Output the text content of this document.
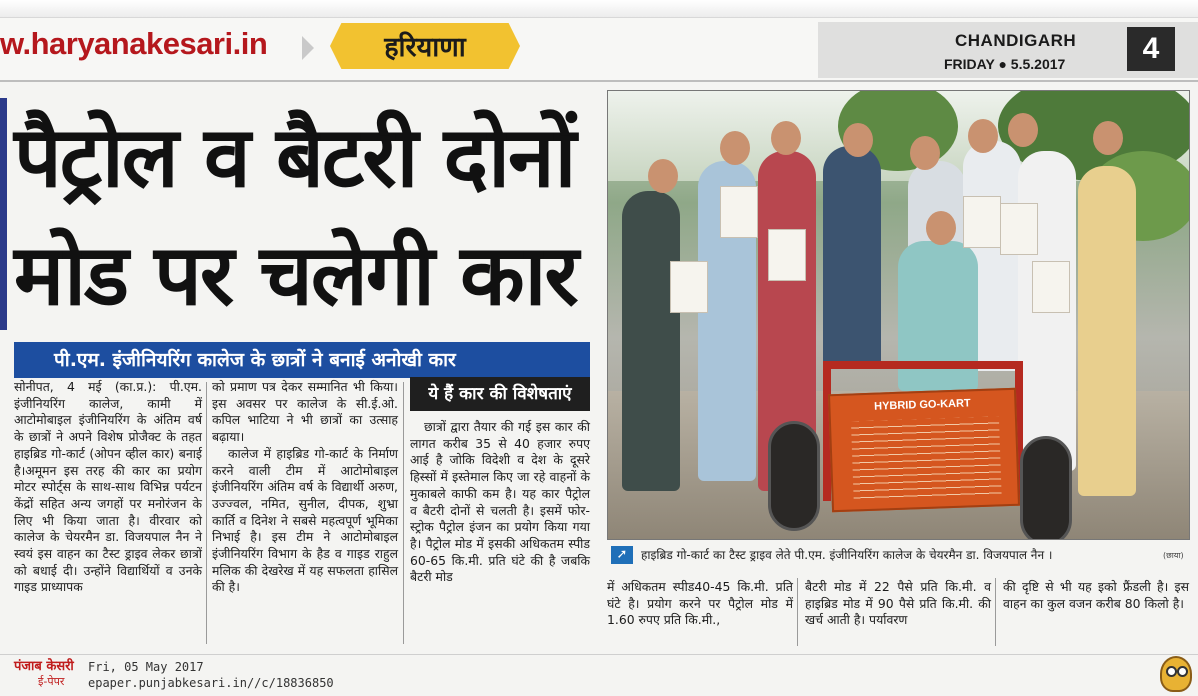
w.haryanakesari.in	हरियाणा	CHANDIGARH
FRIDAY ● 5.5.2017	4
पैट्रोल व बैटरी दोनों
मोड पर चलेगी कार
पी.एम. इंजीनियरिंग कालेज के छात्रों ने बनाई अनोखी कार
HYBRID GO-KART
➚	हाइब्रिड गो-कार्ट का टैस्ट ड्राइव लेते पी.एम. इंजीनियरिंग कालेज के चेयरमैन डा. विजयपाल नैन ।	(छाया)

सोनीपत, 4 मई (का.प्र.): पी.एम. इंजीनियरिंग कालेज, कामी में आटोमोबाइल इंजीनियरिंग के अंतिम वर्ष के छात्रों ने अपने विशेष प्रोजैक्ट के तहत हाइब्रिड गो-कार्ट (ओपन व्हील कार) बनाई है।अमूमन इस तरह की कार का प्रयोग मोटर स्पोर्ट्स के साथ-साथ विभिन्न पर्यटन केंद्रों सहित अन्य जगहों पर मनोरंजन के लिए भी किया जाता है। वीरवार को कालेज के चेयरमैन डा. विजयपाल नैन ने स्वयं इस वाहन का टैस्ट ड्राइव लेकर छात्रों को बधाई दी। उन्होंने विद्यार्थियों व उनके गाइड प्राध्यापक

को प्रमाण पत्र देकर सम्मानित भी किया। इस अवसर पर कालेज के सी.ई.ओ. कपिल भाटिया ने भी छात्रों का उत्साह बढ़ाया।

कालेज में हाइब्रिड गो-कार्ट के निर्माण करने वाली टीम में आटोमोबाइल इंजीनियरिंग अंतिम वर्ष के विद्यार्थी अरुण, उज्ज्वल, नमित, सुनील, दीपक, शुभ्रा कार्ति व दिनेश ने सबसे महत्वपूर्ण भूमिका निभाई है। इस टीम ने आटोमोबाइल इंजीनियरिंग विभाग के हैड व गाइड राहुल मलिक की देखरेख में यह सफलता हासिल की है।

ये हैं कार की विशेषताएं

छात्रों द्वारा तैयार की गई इस कार की लागत करीब 35 से 40 हजार रुपए आई है जोकि विदेशी व देश के दूसरे हिस्सों में इस्तेमाल किए जा रहे वाहनों के मुकाबले काफी कम है। यह कार पैट्रोल व बैटरी दोनों से चलती है। इसमें फोर-स्ट्रोक पैट्रोल इंजन का प्रयोग किया गया है। पैट्रोल मोड में इसकी अधिकतम स्पीड 60-65 कि.मी. प्रति घंटे की है जबकि बैटरी मोड

में अधिकतम स्पीड40-45 कि.मी. प्रति घंटे है। प्रयोग करने पर पैट्रोल मोड में 1.60 रुपए प्रति कि.मी.,

बैटरी मोड में 22 पैसे प्रति कि.मी. व हाइब्रिड मोड में 90 पैसे प्रति कि.मी. की खर्च आती है। पर्यावरण

की दृष्टि से भी यह इको फ्रैंडली है। इस वाहन का कुल वजन करीब 80 किलो है।

पंजाब केसरी
ई-पेपर
Fri, 05 May 2017
epaper.punjabkesari.in//c/18836850
